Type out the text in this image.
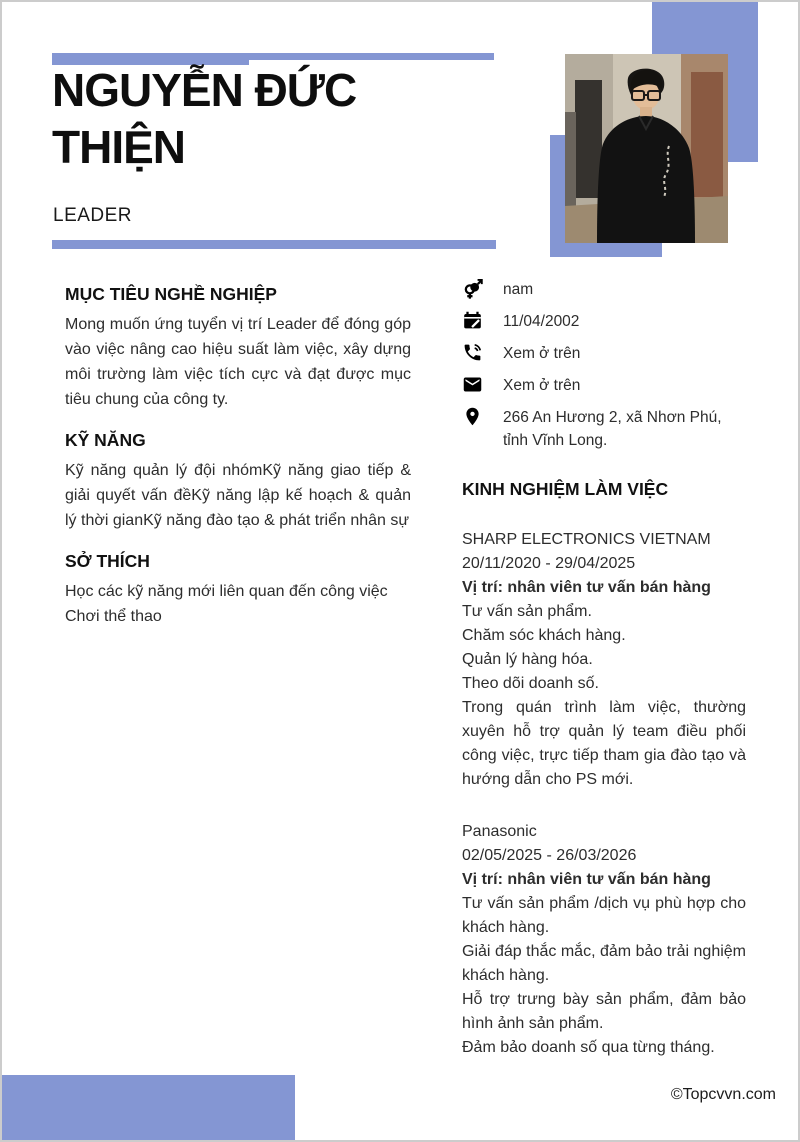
NGUYỄN ĐỨC THIỆN
LEADER
MỤC TIÊU NGHỀ NGHIỆP

Mong muốn ứng tuyển vị trí Leader để đóng góp vào việc nâng cao hiệu suất làm việc, xây dựng môi trường làm việc tích cực và đạt được mục tiêu chung của công ty.

KỸ NĂNG

Kỹ năng quản lý đội nhómKỹ năng giao tiếp & giải quyết vấn đềKỹ năng lập kế hoạch & quản lý thời gianKỹ năng đào tạo & phát triển nhân sự

SỞ THÍCH
Học các kỹ năng mới liên quan đến công việc
Chơi thể thao
nam
11/04/2002
Xem ở trên
Xem ở trên
266 An Hương 2, xã Nhơn Phú, tỉnh Vĩnh Long.
KINH NGHIỆM LÀM VIỆC
SHARP ELECTRONICS VIETNAM
20/11/2020 - 29/04/2025
Vị trí: nhân viên tư vấn bán hàng
Tư vấn sản phẩm.
Chăm sóc khách hàng.
Quản lý hàng hóa.
Theo dõi doanh số.
Trong quán trình làm việc, thường xuyên hỗ trợ quản lý team điều phối công việc, trực tiếp tham gia đào tạo và hướng dẫn cho PS mới.
Panasonic
02/05/2025 - 26/03/2026
Vị trí: nhân viên tư vấn bán hàng
Tư vấn sản phẩm /dịch vụ phù hợp cho khách hàng.
Giải đáp thắc mắc, đảm bảo trải nghiệm khách hàng.
Hỗ trợ trưng bày sản phẩm, đảm bảo hình ảnh sản phẩm.
Đảm bảo doanh số qua từng tháng.
©Topcvvn.com
